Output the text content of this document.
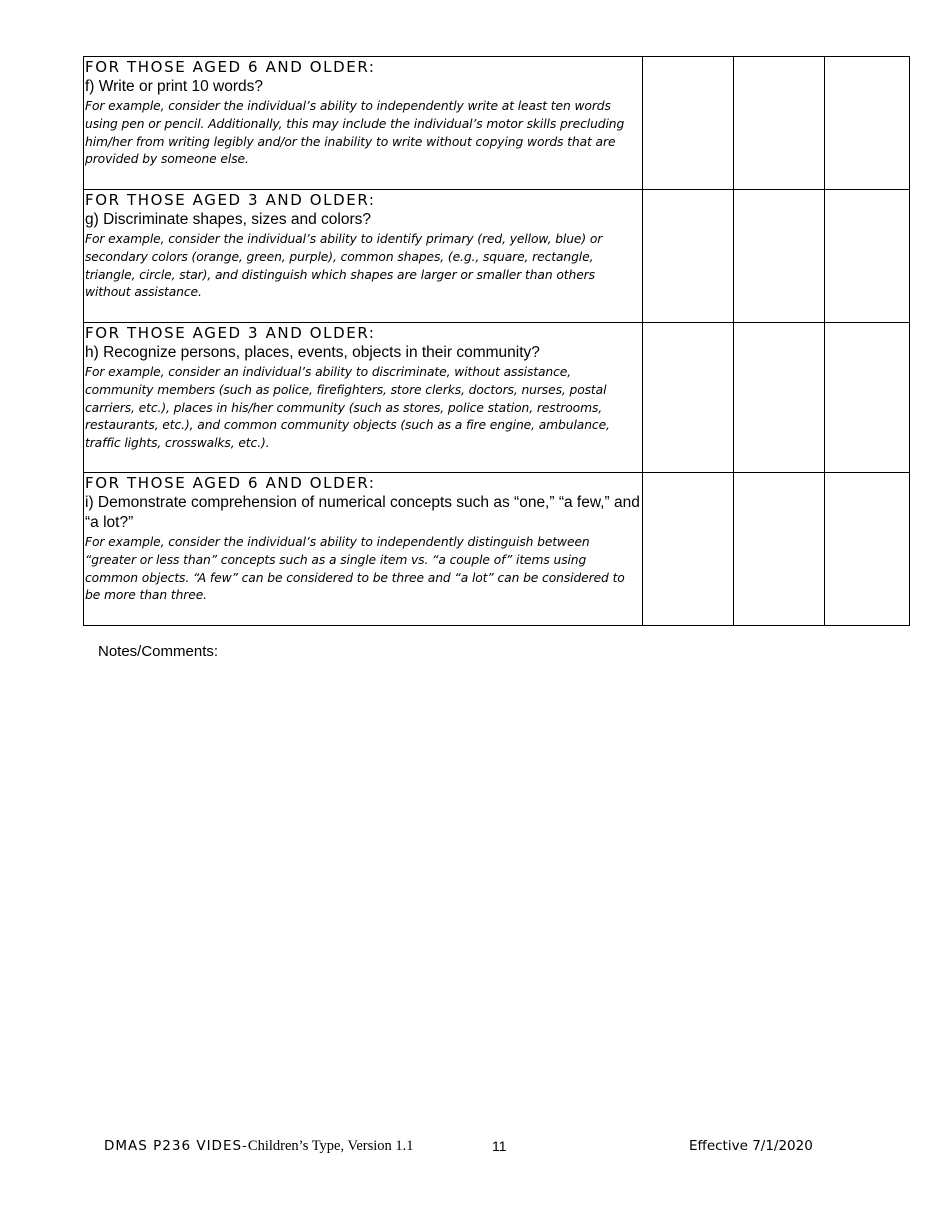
FOR THOSE AGED 6 AND OLDER:
f) Write or print 10 words?
For example, consider the individual’s ability to independently write at least ten words using pen or pencil. Additionally, this may include the individual’s motor skills precluding him/her from writing legibly and/or the inability to write without copying words that are provided by someone else.			

FOR THOSE AGED 3 AND OLDER:
g) Discriminate shapes, sizes and colors?
For example, consider the individual’s ability to identify primary (red, yellow, blue) or secondary colors (orange, green, purple), common shapes, (e.g., square, rectangle, triangle, circle, star), and distinguish which shapes are larger or smaller than others without assistance.			

FOR THOSE AGED 3 AND OLDER:
h) Recognize persons, places, events, objects in their community?
For example, consider an individual’s ability to discriminate, without assistance, community members (such as police, firefighters, store clerks, doctors, nurses, postal carriers, etc.), places in his/her community (such as stores, police station, restrooms, restaurants, etc.), and common community objects (such as a fire engine, ambulance, traffic lights, crosswalks, etc.).			

FOR THOSE AGED 6 AND OLDER:
i) Demonstrate comprehension of numerical concepts such as “one,” “a few,” and “a lot?”
For example, consider the individual’s ability to independently distinguish between “greater or less than” concepts such as a single item vs. “a couple of” items using common objects. “A few” can be considered to be three and “a lot” can be considered to be more than three.			

Notes/Comments:
DMAS P236 VIDES-Children’s Type, Version 1.1	11	Effective 7/1/2020
